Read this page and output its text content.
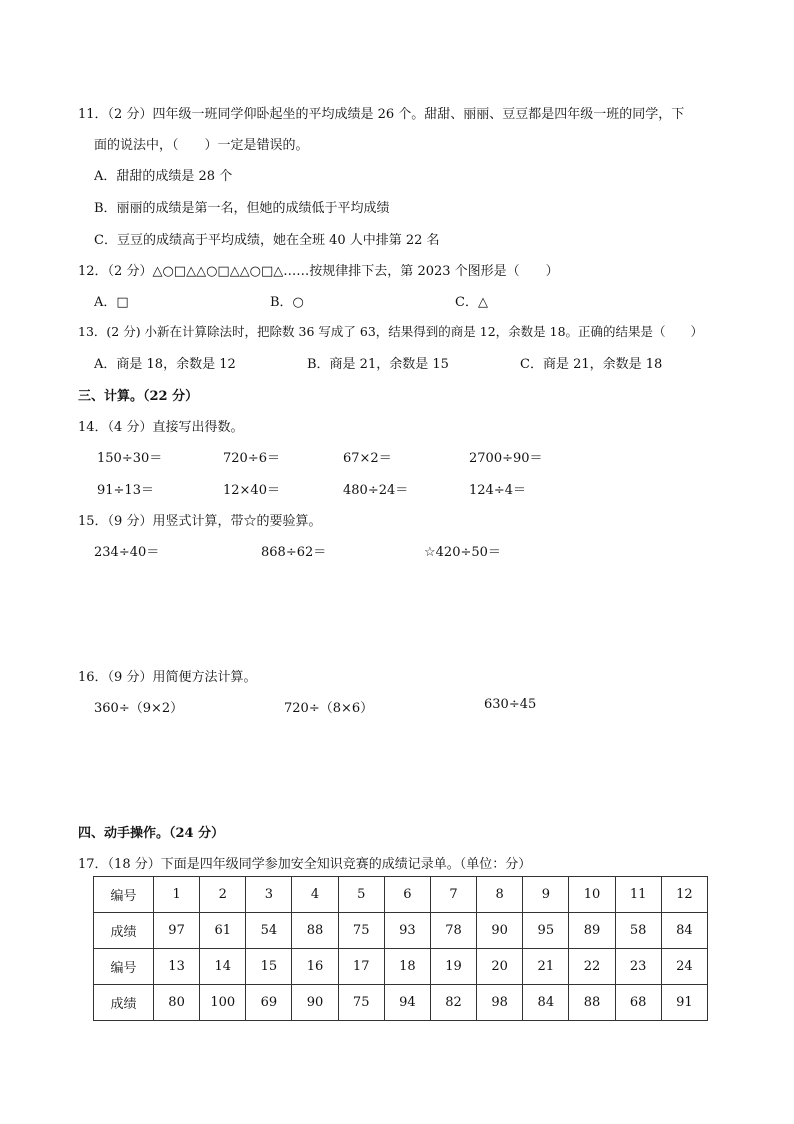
11．（2 分）四年级一班同学仰卧起坐的平均成绩是 26 个。甜甜、丽丽、豆豆都是四年级一班的同学，下
面的说法中，（　　）一定是错误的。
A．甜甜的成绩是 28 个
B．丽丽的成绩是第一名，但她的成绩低于平均成绩
C．豆豆的成绩高于平均成绩，她在全班 40 人中排第 22 名
12．（2 分）△○□△△○□△△○□△……按规律排下去，第 2023 个图形是（　　）
A．□	B．○	C．△
13．(2 分) 小新在计算除法时，把除数 36 写成了 63，结果得到的商是 12，余数是 18。正确的结果是（　　）
A．商是 18，余数是 12	B．商是 21，余数是 15	C．商是 21，余数是 18
三、计算。（22 分）
14．（4 分）直接写出得数。
150÷30＝	720÷6＝	67×2＝	2700÷90＝
91÷13＝	12×40＝	480÷24＝	124÷4＝
15．（9 分）用竖式计算，带☆的要验算。
234÷40＝	868÷62＝	☆420÷50＝
16．（9 分）用简便方法计算。
360÷（9×2）	720÷（8×6）	630÷45
四、动手操作。（24 分）
17．（18 分）下面是四年级同学参加安全知识竞赛的成绩记录单。（单位：分）
编号	1	2	3	4	5	6	7	8	9	10	11	12
成绩	97	61	54	88	75	93	78	90	95	89	58	84
编号	13	14	15	16	17	18	19	20	21	22	23	24
成绩	80	100	69	90	75	94	82	98	84	88	68	91
